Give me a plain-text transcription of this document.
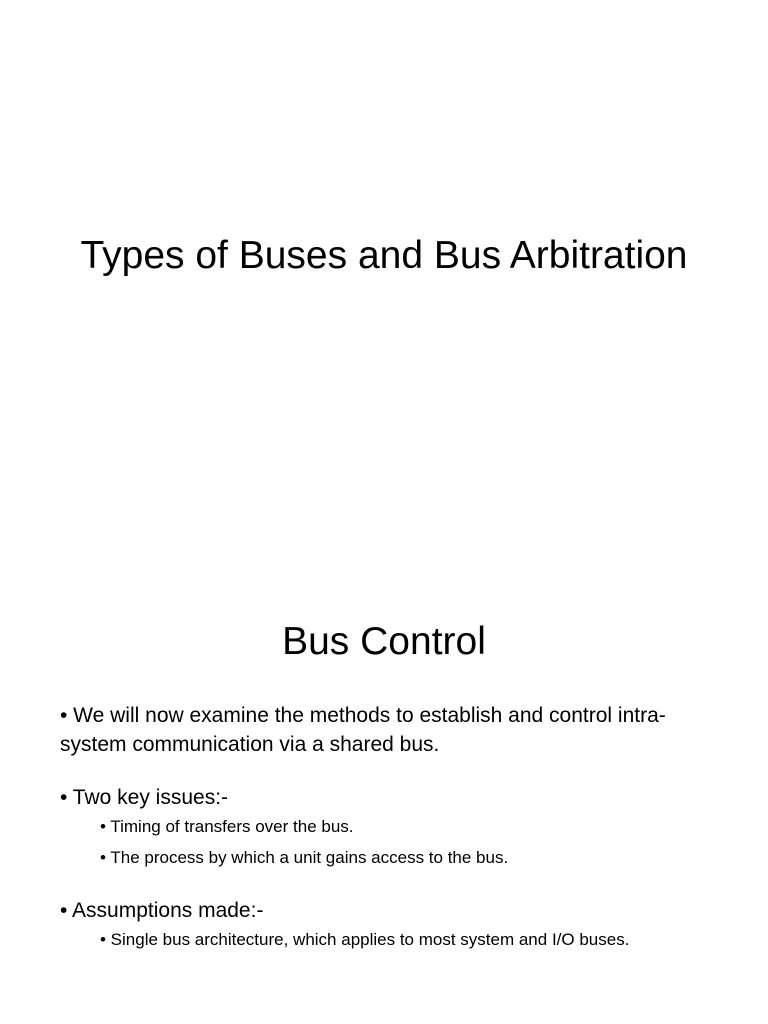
Types of Buses and Bus Arbitration
Bus Control

• We will now examine the methods to establish and control intra-system communication via a shared bus.

• Two key issues:-

• Timing of transfers over the bus.

• The process by which a unit gains access to the bus.

• Assumptions made:-

• Single bus architecture, which applies to most system and I/O buses.
